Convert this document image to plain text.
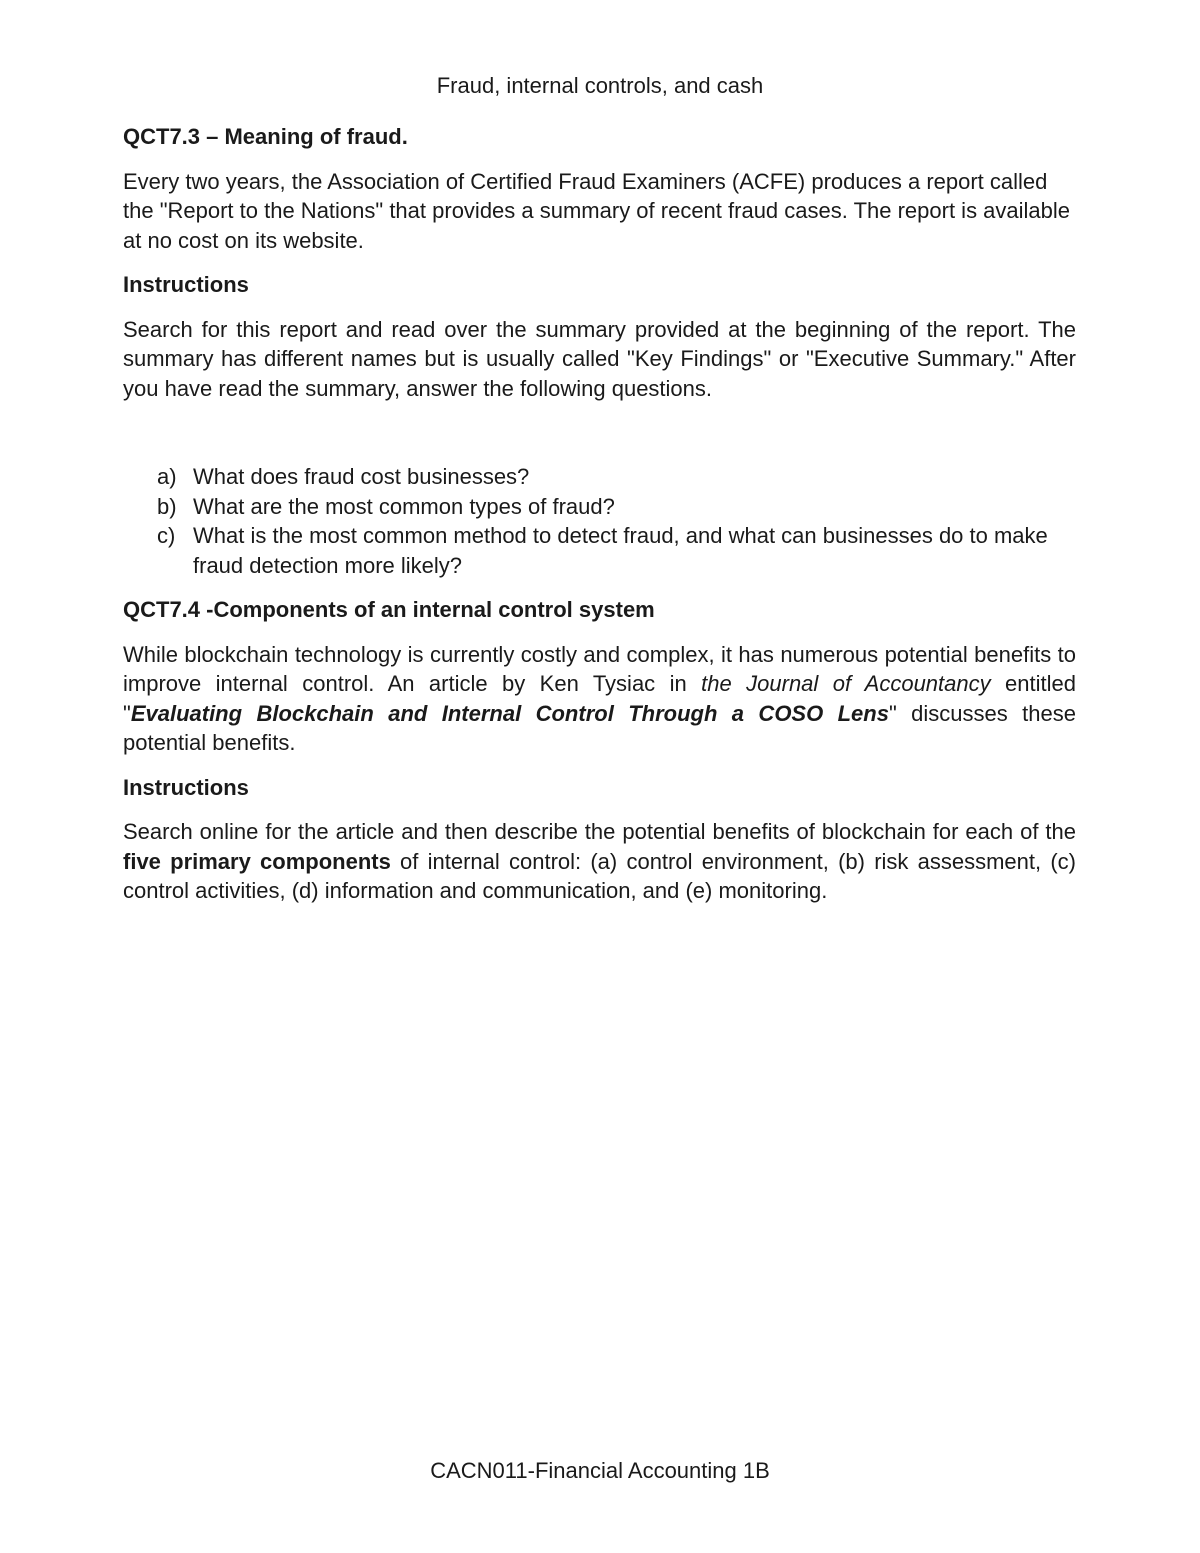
Fraud, internal controls, and cash
QCT7.3 – Meaning of fraud.
Every two years, the Association of Certified Fraud Examiners (ACFE) produces a report called the "Report to the Nations" that provides a summary of recent fraud cases. The report is available at no cost on its website.
Instructions
Search for this report and read over the summary provided at the beginning of the report. The summary has different names but is usually called "Key Findings" or "Executive Summary." After you have read the summary, answer the following questions.
a) What does fraud cost businesses?
b) What are the most common types of fraud?
c) What is the most common method to detect fraud, and what can businesses do to make fraud detection more likely?
QCT7.4 -Components of an internal control system
While blockchain technology is currently costly and complex, it has numerous potential benefits to improve internal control. An article by Ken Tysiac in the Journal of Accountancy entitled "Evaluating Blockchain and Internal Control Through a COSO Lens" discusses these potential benefits.
Instructions
Search online for the article and then describe the potential benefits of blockchain for each of the five primary components of internal control: (a) control environment, (b) risk assessment, (c) control activities, (d) information and communication, and (e) monitoring.
CACN011-Financial Accounting 1B
